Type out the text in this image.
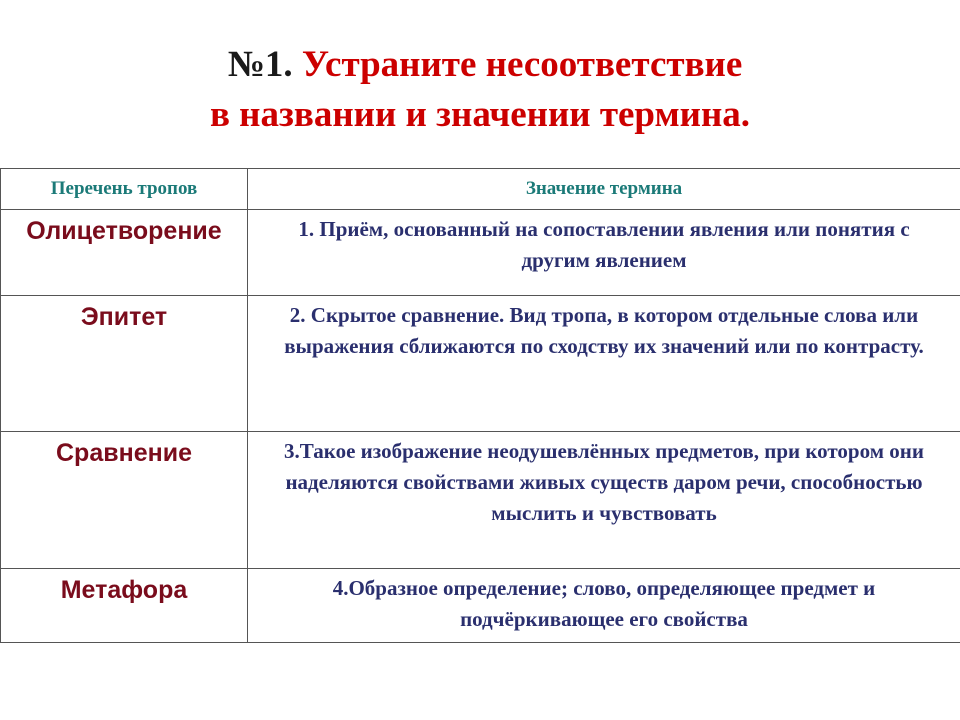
№1. Устраните несоответствие
в названии и значении термина.
Перечень тропов	Значение термина

Олицетворение	1. Приём, основанный на сопоставлении явления или понятия с другим явлением

Эпитет	2. Скрытое сравнение. Вид тропа, в котором отдельные слова или выражения сближаются по сходству их значений или по контрасту.

Сравнение	3.Такое изображение неодушевлённых предметов, при котором они наделяются свойствами живых существ даром речи, способностью мыслить и чувствовать

Метафора	4.Образное определение; слово, определяющее предмет и подчёркивающее его свойства
